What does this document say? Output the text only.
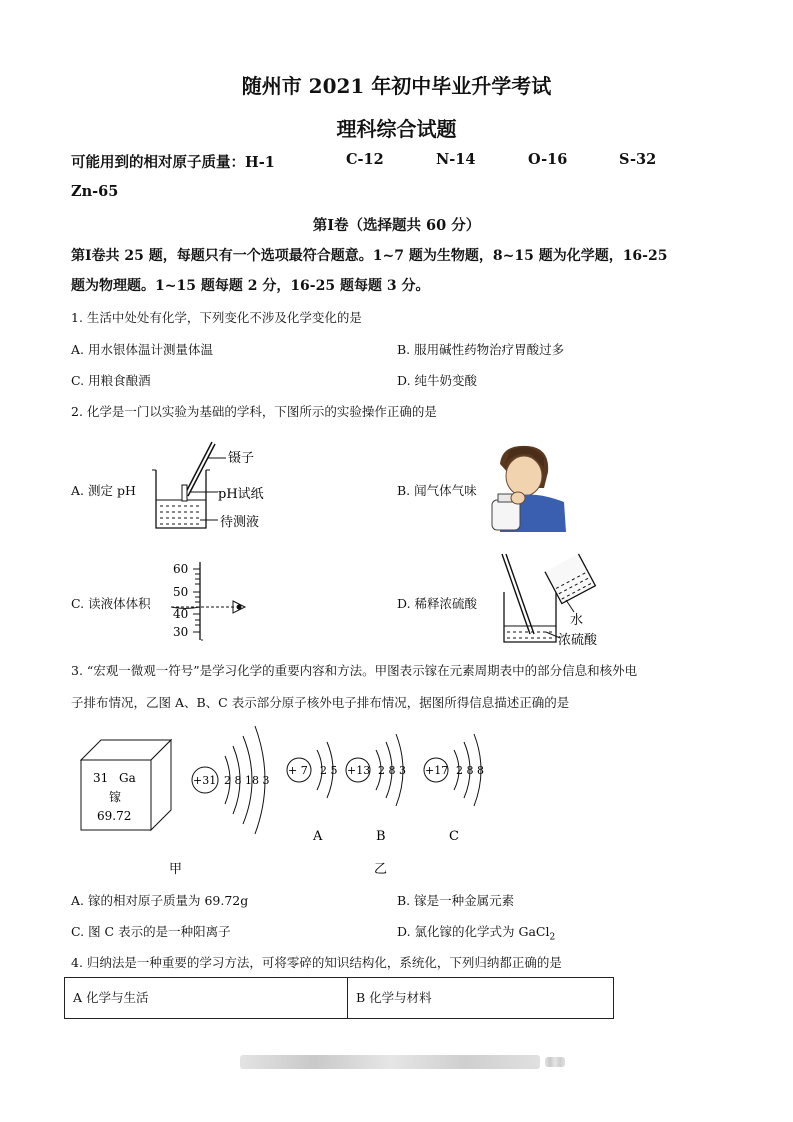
随州市 2021 年初中毕业升学考试
理科综合试题
可能用到的相对原子质量：H-1	C-12	N-14	O-16	S-32
Zn-65
第Ⅰ卷（选择题共 60 分）
第Ⅰ卷共 25 题，每题只有一个选项最符合题意。1~7 题为生物题，8~15 题为化学题，16-25
题为物理题。1~15 题每题 2 分，16-25 题每题 3 分。
1. 生活中处处有化学，下列变化不涉及化学变化的是
A. 用水银体温计测量体温	B. 服用碱性药物治疗胃酸过多
C. 用粮食酿酒	D. 纯牛奶变酸
2. 化学是一门以实验为基础的学科，下图所示的实验操作正确的是
A. 测定 pH	B. 闻气体气味
C. 读液体体积	D. 稀释浓硫酸
镊子
pH试纸
待测液
60
50
40
30
水
浓硫酸
3. “宏观一微观一符号”是学习化学的重要内容和方法。甲图表示镓在元素周期表中的部分信息和核外电
子排布情况，乙图 A、B、C 表示部分原子核外电子排布情况，据图所得信息描述正确的是
31 Ga
镓
69.72
+31 2 8 18 3
+ 7 2 5 +13 2 8 3 +17 2 8 8
A	B	C
甲	乙
A. 镓的相对原子质量为 69.72g	B. 镓是一种金属元素
C. 图 C 表示的是一种阳离子	D. 氯化镓的化学式为 GaCl$_2$
4. 归纳法是一种重要的学习方法，可将零碎的知识结构化，系统化，下列归纳都正确的是
A 化学与生活	B 化学与材料
